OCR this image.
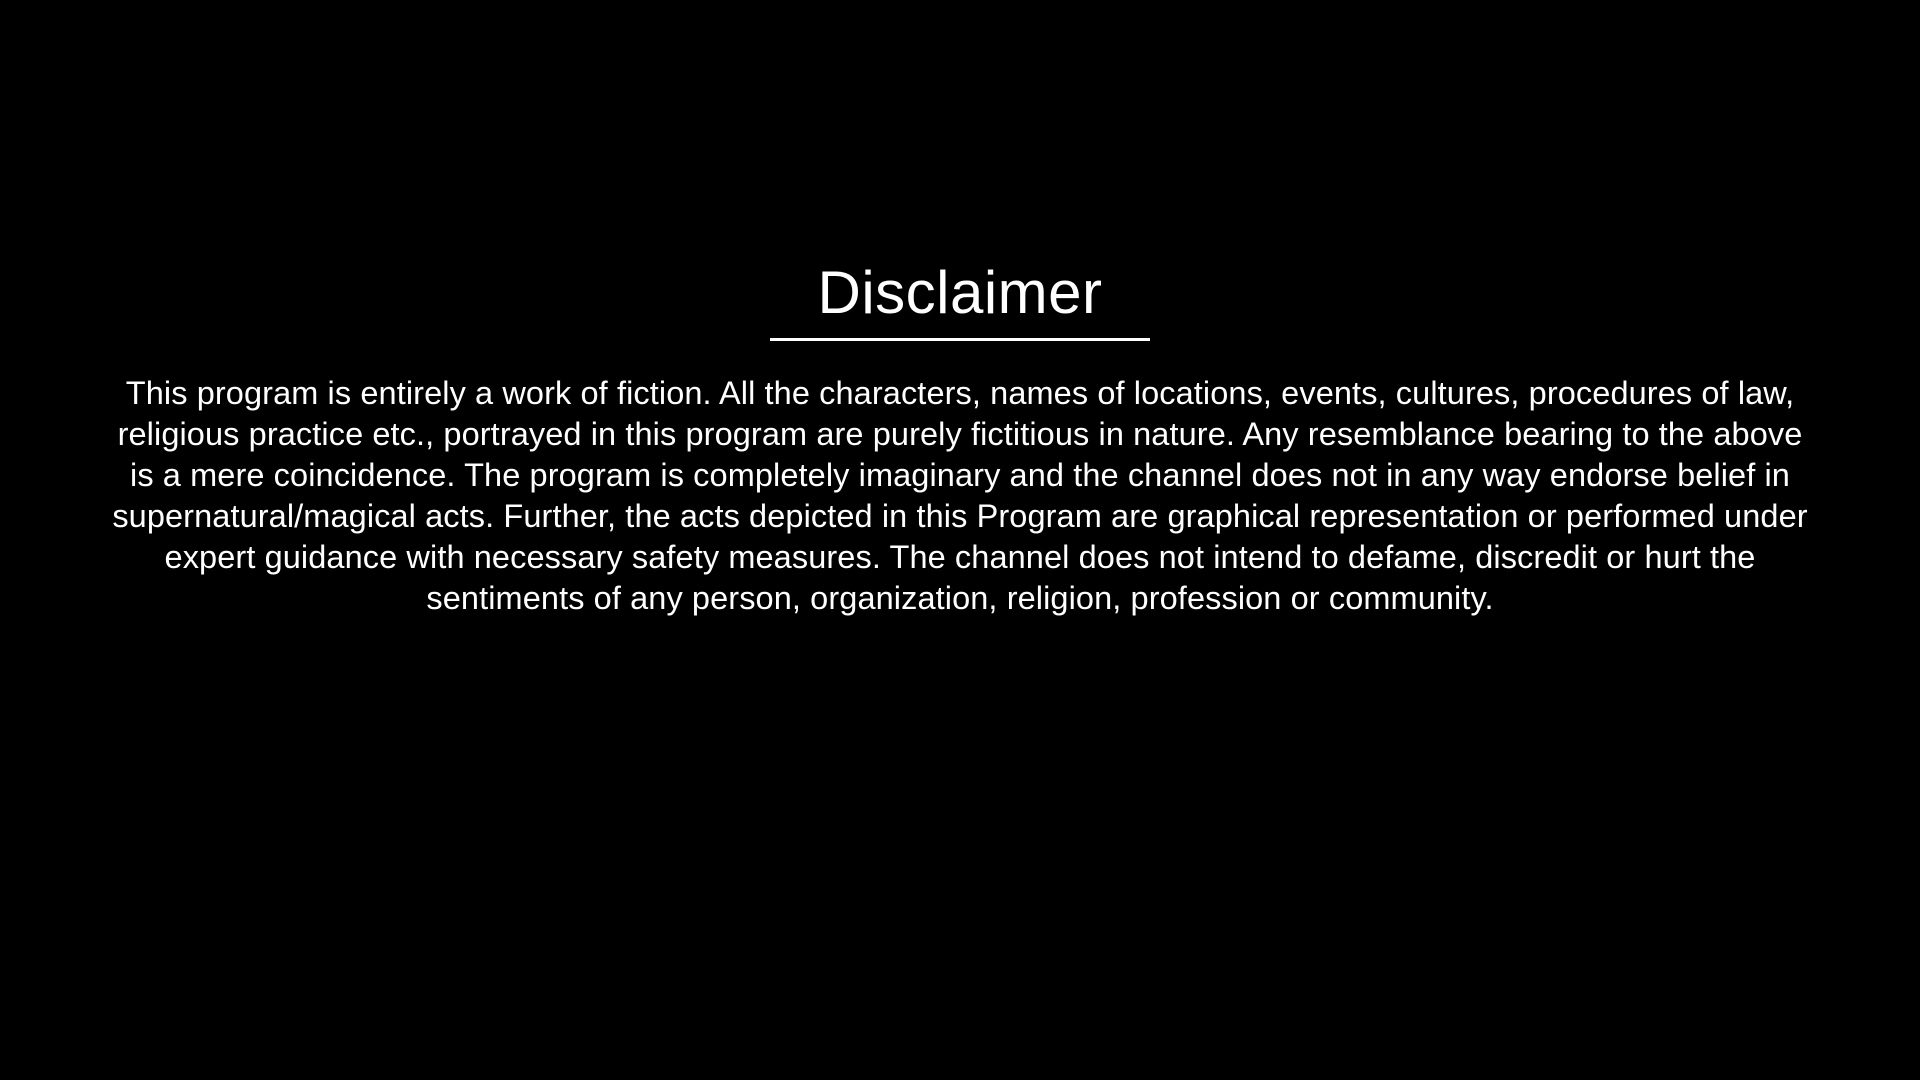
Disclaimer

This program is entirely a work of fiction. All the characters, names of locations, events, cultures, procedures of law, religious practice etc., portrayed in this program are purely fictitious in nature. Any resemblance bearing to the above is a mere coincidence. The program is completely imaginary and the channel does not in any way endorse belief in supernatural/magical acts. Further, the acts depicted in this Program are graphical representation or performed under expert guidance with necessary safety measures. The channel does not intend to defame, discredit or hurt the sentiments of any person, organization, religion, profession or community.
